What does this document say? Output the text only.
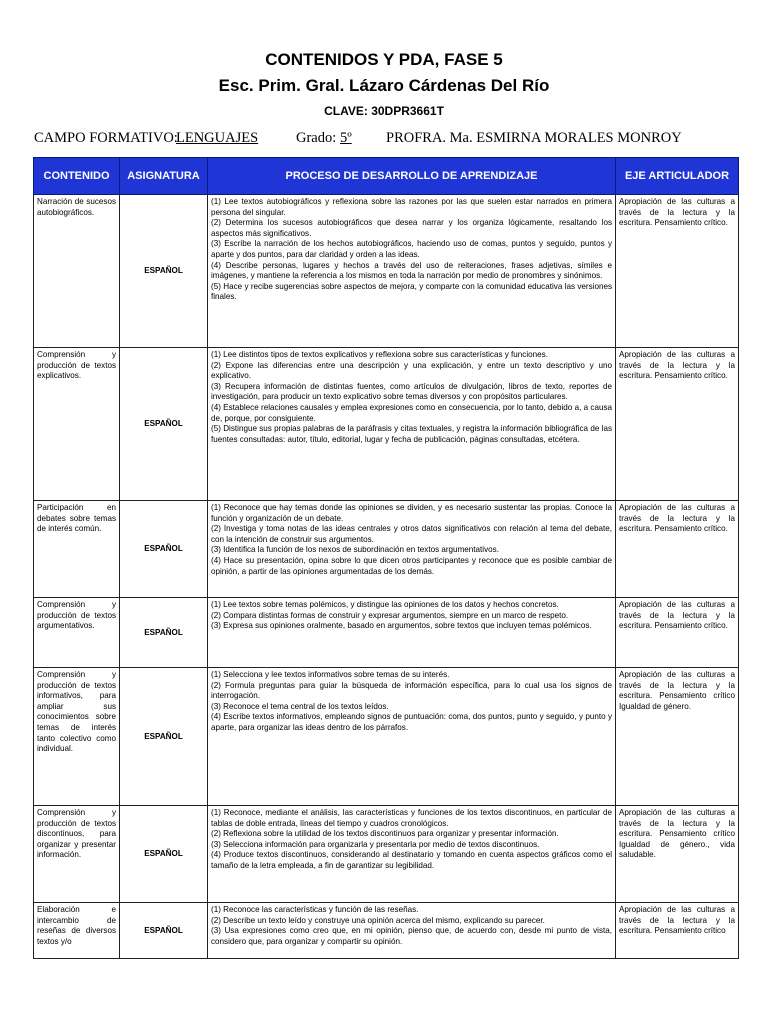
CONTENIDOS Y PDA, FASE 5
Esc. Prim. Gral. Lázaro Cárdenas Del Río
CLAVE: 30DPR3661T
CAMPO FORMATIVO:
LENGUAJES	Grado: 5º PROFRA. Ma. ESMIRNA MORALES MONROY
CONTENIDO	ASIGNATURA	PROCESO DE DESARROLLO DE APRENDIZAJE	EJE ARTICULADOR
Narración de sucesos autobiográficos.	ESPAÑOL	(1) Lee textos autobiográficos y reflexiona sobre las razones por las que suelen estar narrados en primera persona del singular.

(2) Determina los sucesos autobiográficos que desea narrar y los organiza lógicamente, resaltando los aspectos más significativos.

(3) Escribe la narración de los hechos autobiográficos, haciendo uso de comas, puntos y seguido, puntos y aparte y dos puntos, para dar claridad y orden a las ideas.

(4) Describe personas, lugares y hechos a través del uso de reiteraciones, frases adjetivas, símiles e imágenes, y mantiene la referencia a los mismos en toda la narración por medio de pronombres y sinónimos.

(5) Hace y recibe sugerencias sobre aspectos de mejora, y comparte con la comunidad educativa las versiones finales.	Apropiación de las culturas a través de la lectura y la escritura. Pensamiento crítico.
Comprensión y producción de textos explicativos.	ESPAÑOL	(1) Lee distintos tipos de textos explicativos y reflexiona sobre sus características y funciones.

(2) Expone las diferencias entre una descripción y una explicación, y entre un texto descriptivo y uno explicativo.

(3) Recupera información de distintas fuentes, como artículos de divulgación, libros de texto, reportes de investigación, para producir un texto explicativo sobre temas diversos y con propósitos particulares.

(4) Establece relaciones causales y emplea expresiones como en consecuencia, por lo tanto, debido a, a causa de, porque, por consiguiente.

(5) Distingue sus propias palabras de la paráfrasis y citas textuales, y registra la información bibliográfica de las fuentes consultadas: autor, título, editorial, lugar y fecha de publicación, páginas consultadas, etcétera.	Apropiación de las culturas a través de la lectura y la escritura. Pensamiento crítico.
Participación en debates sobre temas de interés común.	ESPAÑOL	(1) Reconoce que hay temas donde las opiniones se dividen, y es necesario sustentar las propias. Conoce la función y organización de un debate.

(2) Investiga y toma notas de las ideas centrales y otros datos significativos con relación al tema del debate, con la intención de construir sus argumentos.

(3) Identifica la función de los nexos de subordinación en textos argumentativos.

(4) Hace su presentación, opina sobre lo que dicen otros participantes y reconoce que es posible cambiar de opinión, a partir de las opiniones argumentadas de los demás.	Apropiación de las culturas a través de la lectura y la escritura. Pensamiento crítico.
Comprensión y producción de textos argumentativos.	ESPAÑOL	(1) Lee textos sobre temas polémicos, y distingue las opiniones de los datos y hechos concretos.

(2) Compara distintas formas de construir y expresar argumentos, siempre en un marco de respeto.

(3) Expresa sus opiniones oralmente, basado en argumentos, sobre textos que incluyen temas polémicos.	Apropiación de las culturas a través de la lectura y la escritura. Pensamiento crítico.
Comprensión y producción de textos informativos, para ampliar sus conocimientos sobre temas de interés tanto colectivo como individual.	ESPAÑOL	(1) Selecciona y lee textos informativos sobre temas de su interés.

(2) Formula preguntas para guiar la búsqueda de información específica, para lo cual usa los signos de interrogación.

(3) Reconoce el tema central de los textos leídos.

(4) Escribe textos informativos, empleando signos de puntuación: coma, dos puntos, punto y seguido, y punto y aparte, para organizar las ideas dentro de los párrafos.	Apropiación de las culturas a través de la lectura y la escritura. Pensamiento crítico Igualdad de género.
Comprensión y producción de textos discontinuos, para organizar y presentar información.	ESPAÑOL	(1) Reconoce, mediante el análisis, las características y funciones de los textos discontinuos, en particular de tablas de doble entrada, líneas del tiempo y cuadros cronológicos.

(2) Reflexiona sobre la utilidad de los textos discontinuos para organizar y presentar información.

(3) Selecciona información para organizarla y presentarla por medio de textos discontinuos.

(4) Produce textos discontinuos, considerando al destinatario y tomando en cuenta aspectos gráficos como el tamaño de la letra empleada, a fin de garantizar su legibilidad.	Apropiación de las culturas a través de la lectura y la escritura. Pensamiento crítico Igualdad de género., vida saludable.
Elaboración e intercambio de reseñas de diversos textos y/o	ESPAÑOL	(1) Reconoce las características y función de las reseñas.

(2) Describe un texto leído y construye una opinión acerca del mismo, explicando su parecer.

(3) Usa expresiones como creo que, en mi opinión, pienso que, de acuerdo con, desde mi punto de vista, considero que, para organizar y compartir su opinión.	Apropiación de las culturas a través de la lectura y la escritura. Pensamiento crítico
